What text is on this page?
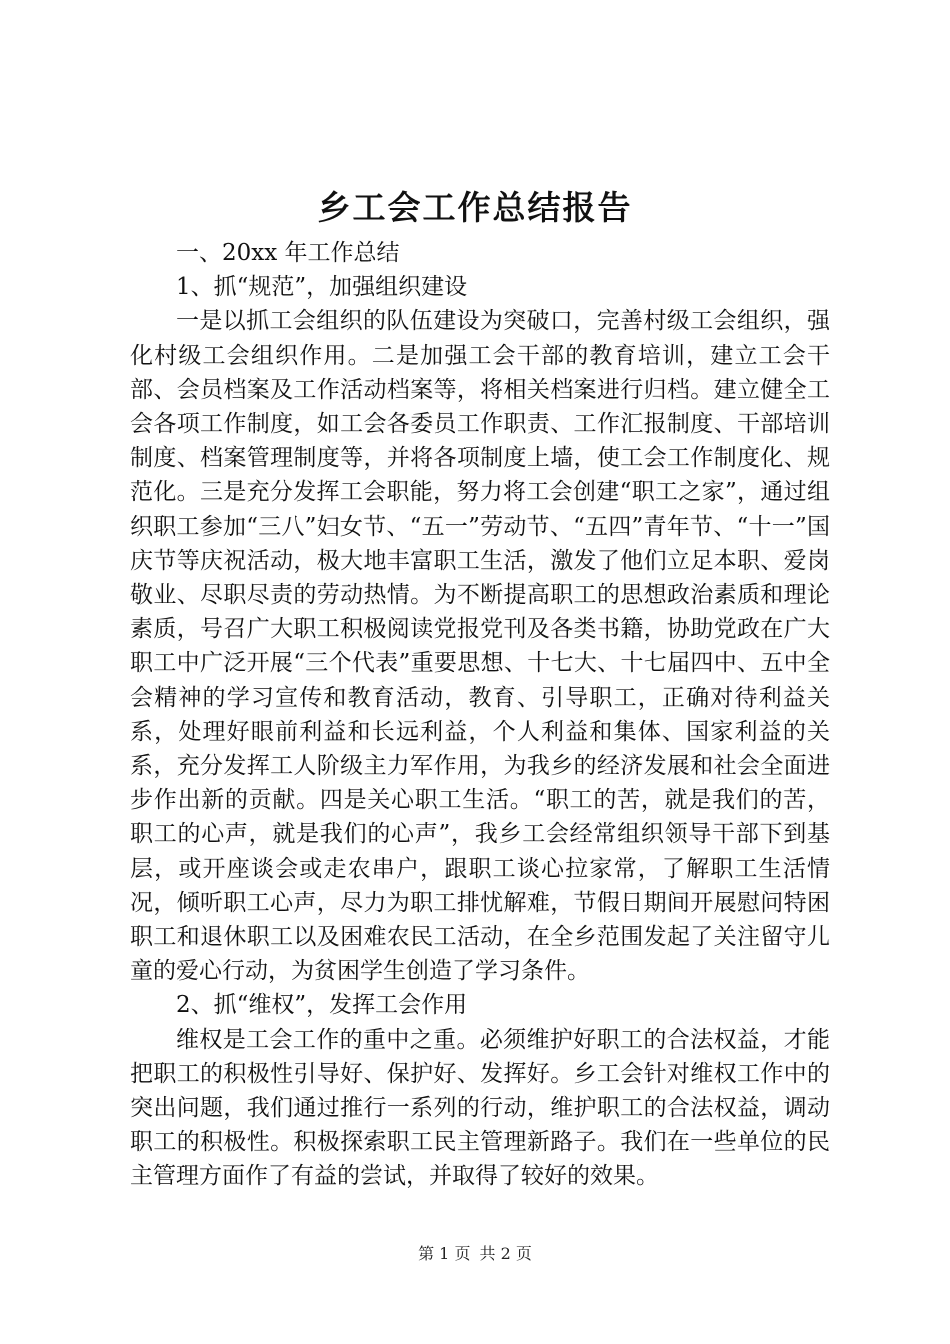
乡工会工作总结报告

一、20xx 年工作总结

1、抓“规范”，加强组织建设

一是以抓工会组织的队伍建设为突破口，完善村级工会组织，强化村级工会组织作用。二是加强工会干部的教育培训，建立工会干部、会员档案及工作活动档案等，将相关档案进行归档。建立健全工会各项工作制度，如工会各委员工作职责、工作汇报制度、干部培训制度、档案管理制度等，并将各项制度上墙，使工会工作制度化、规范化。三是充分发挥工会职能，努力将工会创建“职工之家”，通过组织职工参加“三八”妇女节、“五一”劳动节、“五四”青年节、“十一”国庆节等庆祝活动，极大地丰富职工生活，激发了他们立足本职、爱岗敬业、尽职尽责的劳动热情。为不断提高职工的思想政治素质和理论素质，号召广大职工积极阅读党报党刊及各类书籍，协助党政在广大职工中广泛开展“三个代表”重要思想、十七大、十七届四中、五中全会精神的学习宣传和教育活动，教育、引导职工，正确对待利益关系，处理好眼前利益和长远利益，个人利益和集体、国家利益的关系，充分发挥工人阶级主力军作用，为我乡的经济发展和社会全面进步作出新的贡献。四是关心职工生活。“职工的苦，就是我们的苦，职工的心声，就是我们的心声”，我乡工会经常组织领导干部下到基层，或开座谈会或走农串户，跟职工谈心拉家常，了解职工生活情况，倾听职工心声，尽力为职工排忧解难，节假日期间开展慰问特困职工和退休职工以及困难农民工活动，在全乡范围发起了关注留守儿童的爱心行动，为贫困学生创造了学习条件。

2、抓“维权”，发挥工会作用

维权是工会工作的重中之重。必须维护好职工的合法权益，才能把职工的积极性引导好、保护好、发挥好。乡工会针对维权工作中的突出问题，我们通过推行一系列的行动，维护职工的合法权益，调动职工的积极性。积极探索职工民主管理新路子。我们在一些单位的民主管理方面作了有益的尝试，并取得了较好的效果。

第 1 页 共 2 页
